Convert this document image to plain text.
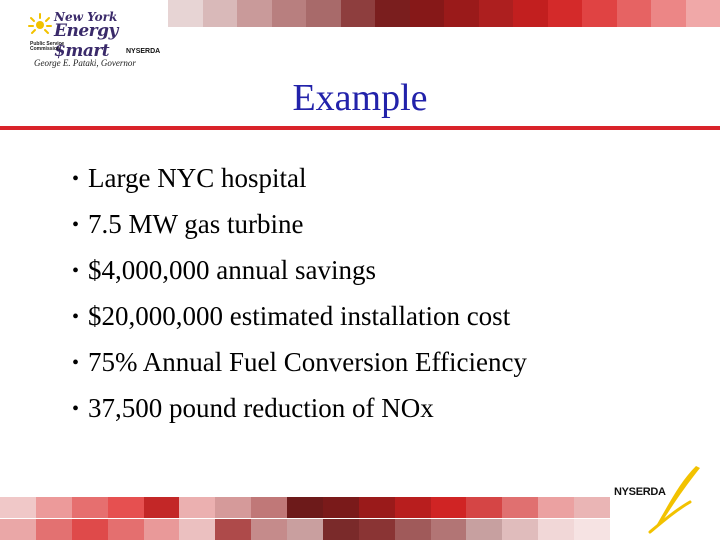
New York
Energy $mart
Public Service Commission	NYSERDA
George E. Pataki, Governor
Example
• Large NYC hospital
• 7.5 MW gas turbine
• $4,000,000 annual savings
• $20,000,000 estimated installation cost
• 75% Annual Fuel Conversion Efficiency
• 37,500 pound reduction of NOx
NYSERDA
